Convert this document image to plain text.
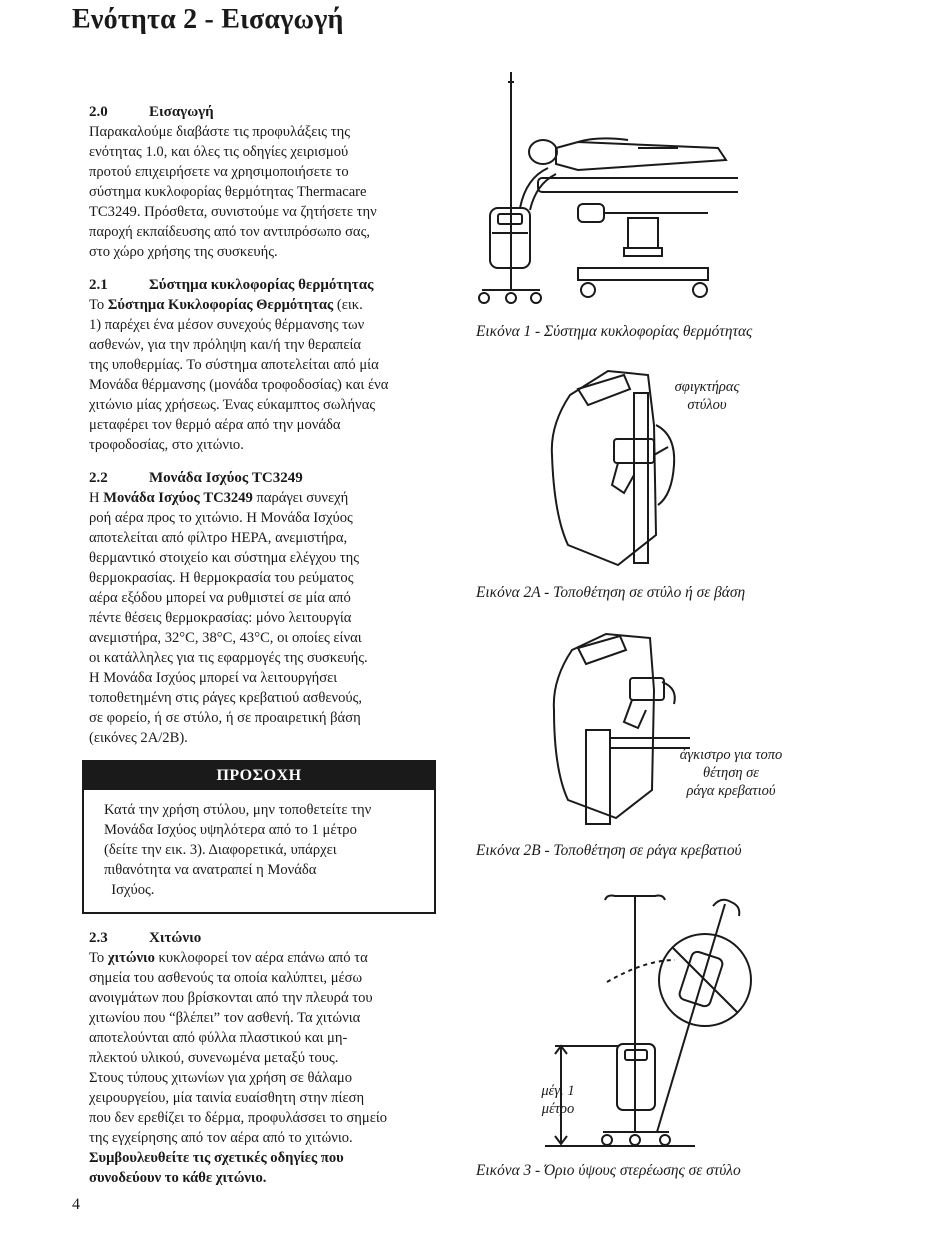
Ενότητα 2 - Εισαγωγή
2.0	Εισαγωγή

Παρακαλούμε διαβάστε τις προφυλάξεις της

ενότητας 1.0, και όλες τις οδηγίες χειρισμού

προτού επιχειρήσετε να χρησιμοποιήσετε το

σύστημα κυκλοφορίας θερμότητας Thermacare

TC3249. Πρόσθετα, συνιστούμε να ζητήσετε την

παροχή εκπαίδευσης από τον αντιπρόσωπο σας,

στο χώρο χρήσης της συσκευής.

2.1	Σύστημα κυκλοφορίας θερμότητας

Το Σύστημα Κυκλοφορίας Θερμότητας (εικ.

1) παρέχει ένα μέσον συνεχούς θέρμανσης των

ασθενών, για την πρόληψη και/ή την θεραπεία

της υποθερμίας. Το σύστημα αποτελείται από μία

Μονάδα θέρμανσης (μονάδα τροφοδοσίας) και ένα

χιτώνιο μίας χρήσεως. Ένας εύκαμπτος σωλήνας

μεταφέρει τον θερμό αέρα από την μονάδα

τροφοδοσίας, στο χιτώνιο.

2.2	Μονάδα Ισχύος TC3249

Η Μονάδα Ισχύος TC3249 παράγει συνεχή

ροή αέρα προς το χιτώνιο. Η Μονάδα Ισχύος

αποτελείται από φίλτρο HEPA, ανεμιστήρα,

θερμαντικό στοιχείο και σύστημα ελέγχου της

θερμοκρασίας. Η θερμοκρασία του ρεύματος

αέρα εξόδου μπορεί να ρυθμιστεί σε μία από

πέντε θέσεις θερμοκρασίας: μόνο λειτουργία

ανεμιστήρα, 32°C, 38°C, 43°C, οι οποίες είναι

οι κατάλληλες για τις εφαρμογές της συσκευής.

Η Μονάδα Ισχύος μπορεί να λειτουργήσει

τοποθετημένη στις ράγες κρεβατιού ασθενούς,

σε φορείο, ή σε στύλο, ή σε προαιρετική βάση

(εικόνες 2A/2B).

ΠΡΟΣΟΧΗ
Κατά την χρήση στύλου, μην τοποθετείτε την
Μονάδα Ισχύος υψηλότερα από το 1 μέτρο
(δείτε την εικ. 3). Διαφορετικά, υπάρχει
πιθανότητα να ανατραπεί η Μονάδα
Ισχύος.
2.3	Χιτώνιο

Το χιτώνιο κυκλοφορεί τον αέρα επάνω από τα

σημεία του ασθενούς τα οποία καλύπτει, μέσω

ανοιγμάτων που βρίσκονται από την πλευρά του

χιτωνίου που “βλέπει” τον ασθενή. Τα χιτώνια

αποτελούνται από φύλλα πλαστικού και μη-

πλεκτού υλικού, συνενωμένα μεταξύ τους.

Στους τύπους χιτωνίων για χρήση σε θάλαμο

χειρουργείου, μία ταινία ευαίσθητη στην πίεση

που δεν ερεθίζει το δέρμα, προφυλάσσει το σημείο

της εγχείρησης από τον αέρα από το χιτώνιο.

Συμβουλευθείτε τις σχετικές οδηγίες που

συνοδεύουν το κάθε χιτώνιο.

Εικόνα 1 - Σύστημα κυκλοφορίας θερμότητας
σφιγκτήρας
στύλου
Εικόνα 2A - Τοποθέτηση σε στύλο ή σε βάση
άγκιστρο για τοπο
θέτηση σε
ράγα κρεβατιού
Εικόνα 2B - Τοποθέτηση σε ράγα κρεβατιού
μέγ. 1
μέτρο
Εικόνα 3 - Όριο ύψους στερέωσης σε στύλο
4
